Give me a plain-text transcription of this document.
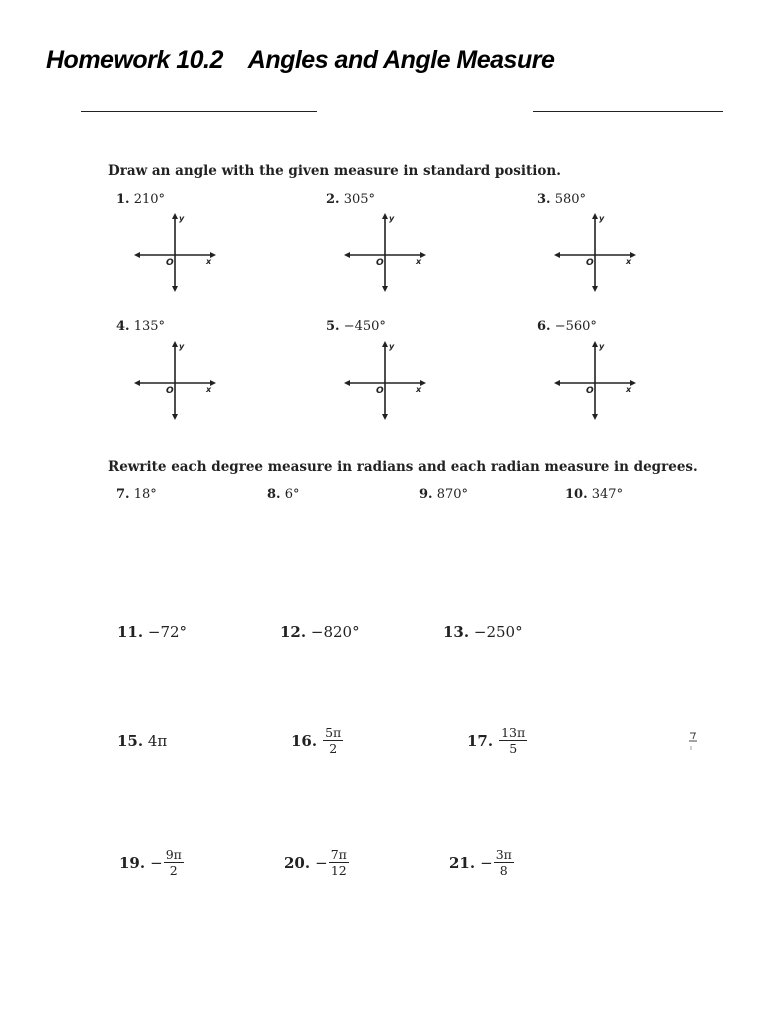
Homework 10.2    Angles and Angle Measure
Draw an angle with the given measure in standard position.
1. 210°	2. 305°	3. 580°
4. 135°	5. −450°	6. −560°
y
x
O
y
x
O
y
x
O
y
x
O
y
x
O
y
x
O
Rewrite each degree measure in radians and each radian measure in degrees.
7. 18°	8. 6°	9. 870°	10. 347°
11. −72°	12. −820°	13. −250°
15. 4π	16. $\frac{5\pi}{2}$	17. $\frac{13\pi}{5}$
19. − $\frac{9\pi}{2}$	20. − $\frac{7\pi}{12}$	21. − $\frac{3\pi}{8}$
